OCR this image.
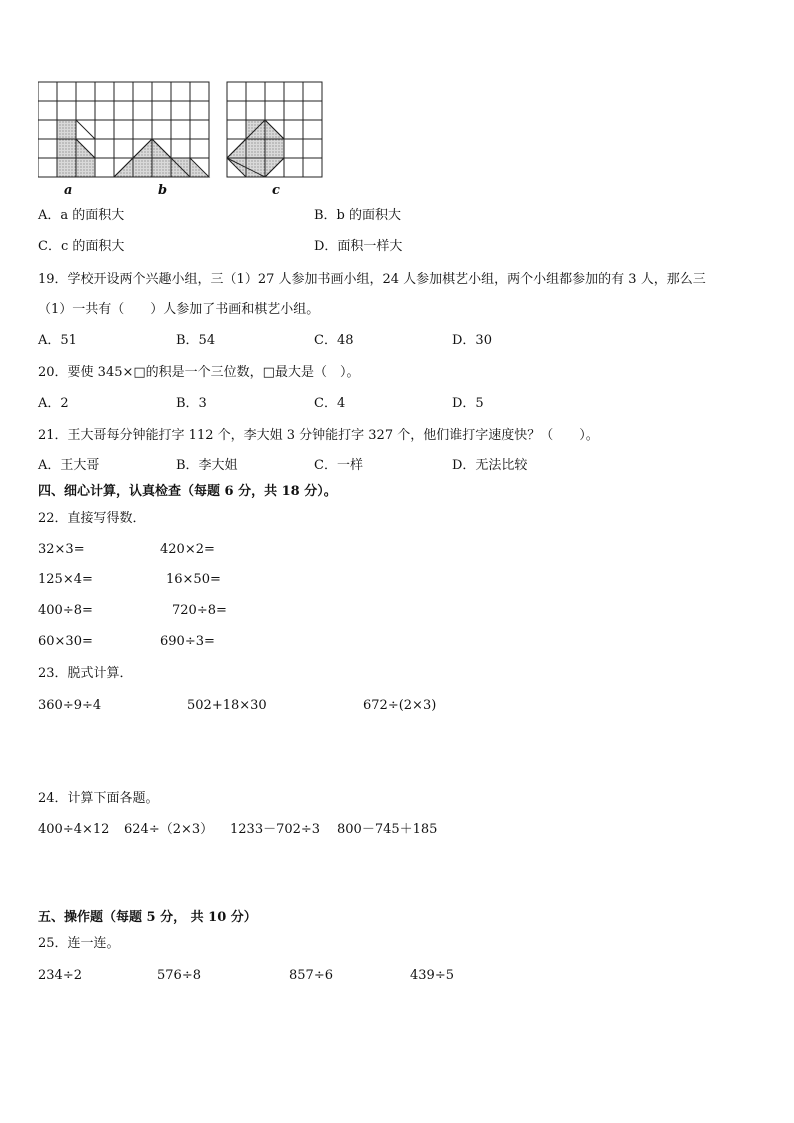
a	b	c
A．a 的面积大	B．b 的面积大
C．c 的面积大	D．面积一样大
19．学校开设两个兴趣小组，三（1）27 人参加书画小组，24 人参加棋艺小组，两个小组都参加的有 3 人，那么三
（1）一共有（　　）人参加了书画和棋艺小组。
A．51	B．54	C．48	D．30
20．要使 345×□的积是一个三位数，□最大是（　）。
A．2	B．3	C．4	D．5
21．王大哥每分钟能打字 112 个，李大姐 3 分钟能打字 327 个，他们谁打字速度快？（　　）。
A．王大哥	B．李大姐	C．一样	D．无法比较
四、细心计算，认真检查（每题 6 分，共 18 分）。
22．直接写得数．
32×3=	420×2=
125×4=	16×50=
400÷8=	720÷8=
60×30=	690÷3=
23．脱式计算．
360÷9÷4	502+18×30	672÷(2×3)
24．计算下面各题。
400÷4×12 624÷（2×3） 1233－702÷3 800－745＋185
五、操作题（每题 5 分， 共 10 分）
25．连一连。
234÷2	576÷8	857÷6	439÷5
